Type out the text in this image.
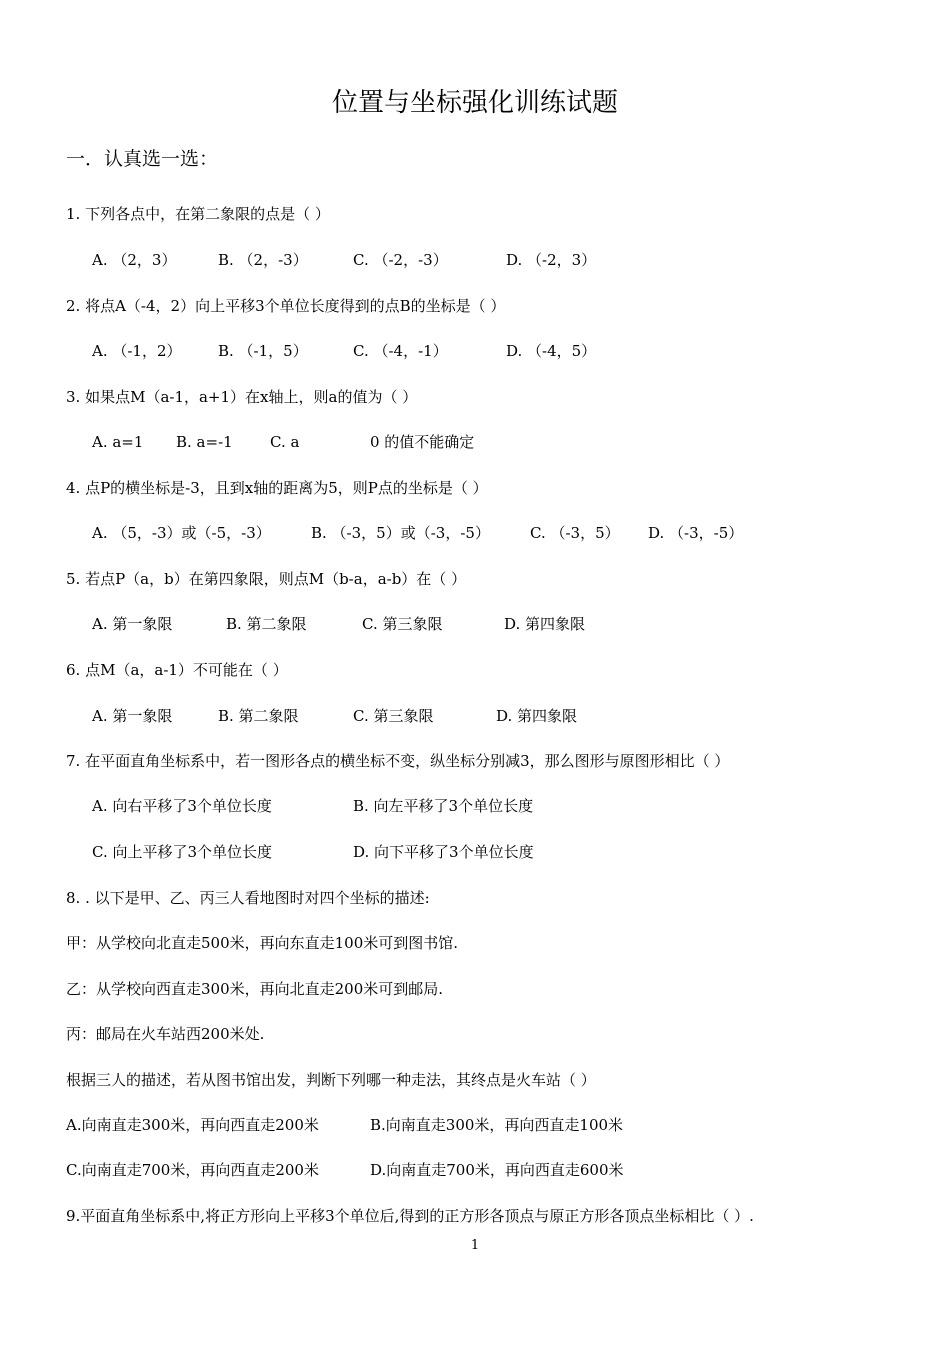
位置与坐标强化训练试题
一．认真选一选：
1. 下列各点中，在第二象限的点是（ ）
A. （2，3）	B. （2，-3）	C. （-2，-3）	D. （-2，3）
2. 将点A（-4，2）向上平移3个单位长度得到的点B的坐标是（ ）
A. （-1，2） B. （-1，5）	C. （-4，-1）	D. （-4，5）
3. 如果点M（a-1，a+1）在x轴上，则a的值为（ ）
A. a=1 B. a=-1 C. a	0 的值不能确定
4. 点P的横坐标是-3，且到x轴的距离为5，则P点的坐标是（ ）
A. （5，-3）或（-5，-3）	B. （-3，5）或（-3，-5）	C. （-3，5） D. （-3，-5）
5. 若点P（a，b）在第四象限，则点M（b-a，a-b）在（ ）
A. 第一象限	B. 第二象限	C. 第三象限	D. 第四象限
6. 点M（a，a-1）不可能在（ ）
A. 第一象限	B. 第二象限	C. 第三象限	D. 第四象限
7. 在平面直角坐标系中，若一图形各点的横坐标不变，纵坐标分别减3，那么图形与原图形相比（ ）
A. 向右平移了3个单位长度	B. 向左平移了3个单位长度
C. 向上平移了3个单位长度	D. 向下平移了3个单位长度
8. . 以下是甲、乙、丙三人看地图时对四个坐标的描述:
甲：从学校向北直走500米，再向东直走100米可到图书馆.
乙：从学校向西直走300米，再向北直走200米可到邮局.
丙：邮局在火车站西200米处.
根据三人的描述，若从图书馆出发，判断下列哪一种走法，其终点是火车站（ ）
A.向南直走300米，再向西直走200米	B.向南直走300米，再向西直走100米
C.向南直走700米，再向西直走200米	D.向南直走700米，再向西直走600米
9.平面直角坐标系中,将正方形向上平移3个单位后,得到的正方形各顶点与原正方形各顶点坐标相比（ ）.
1
